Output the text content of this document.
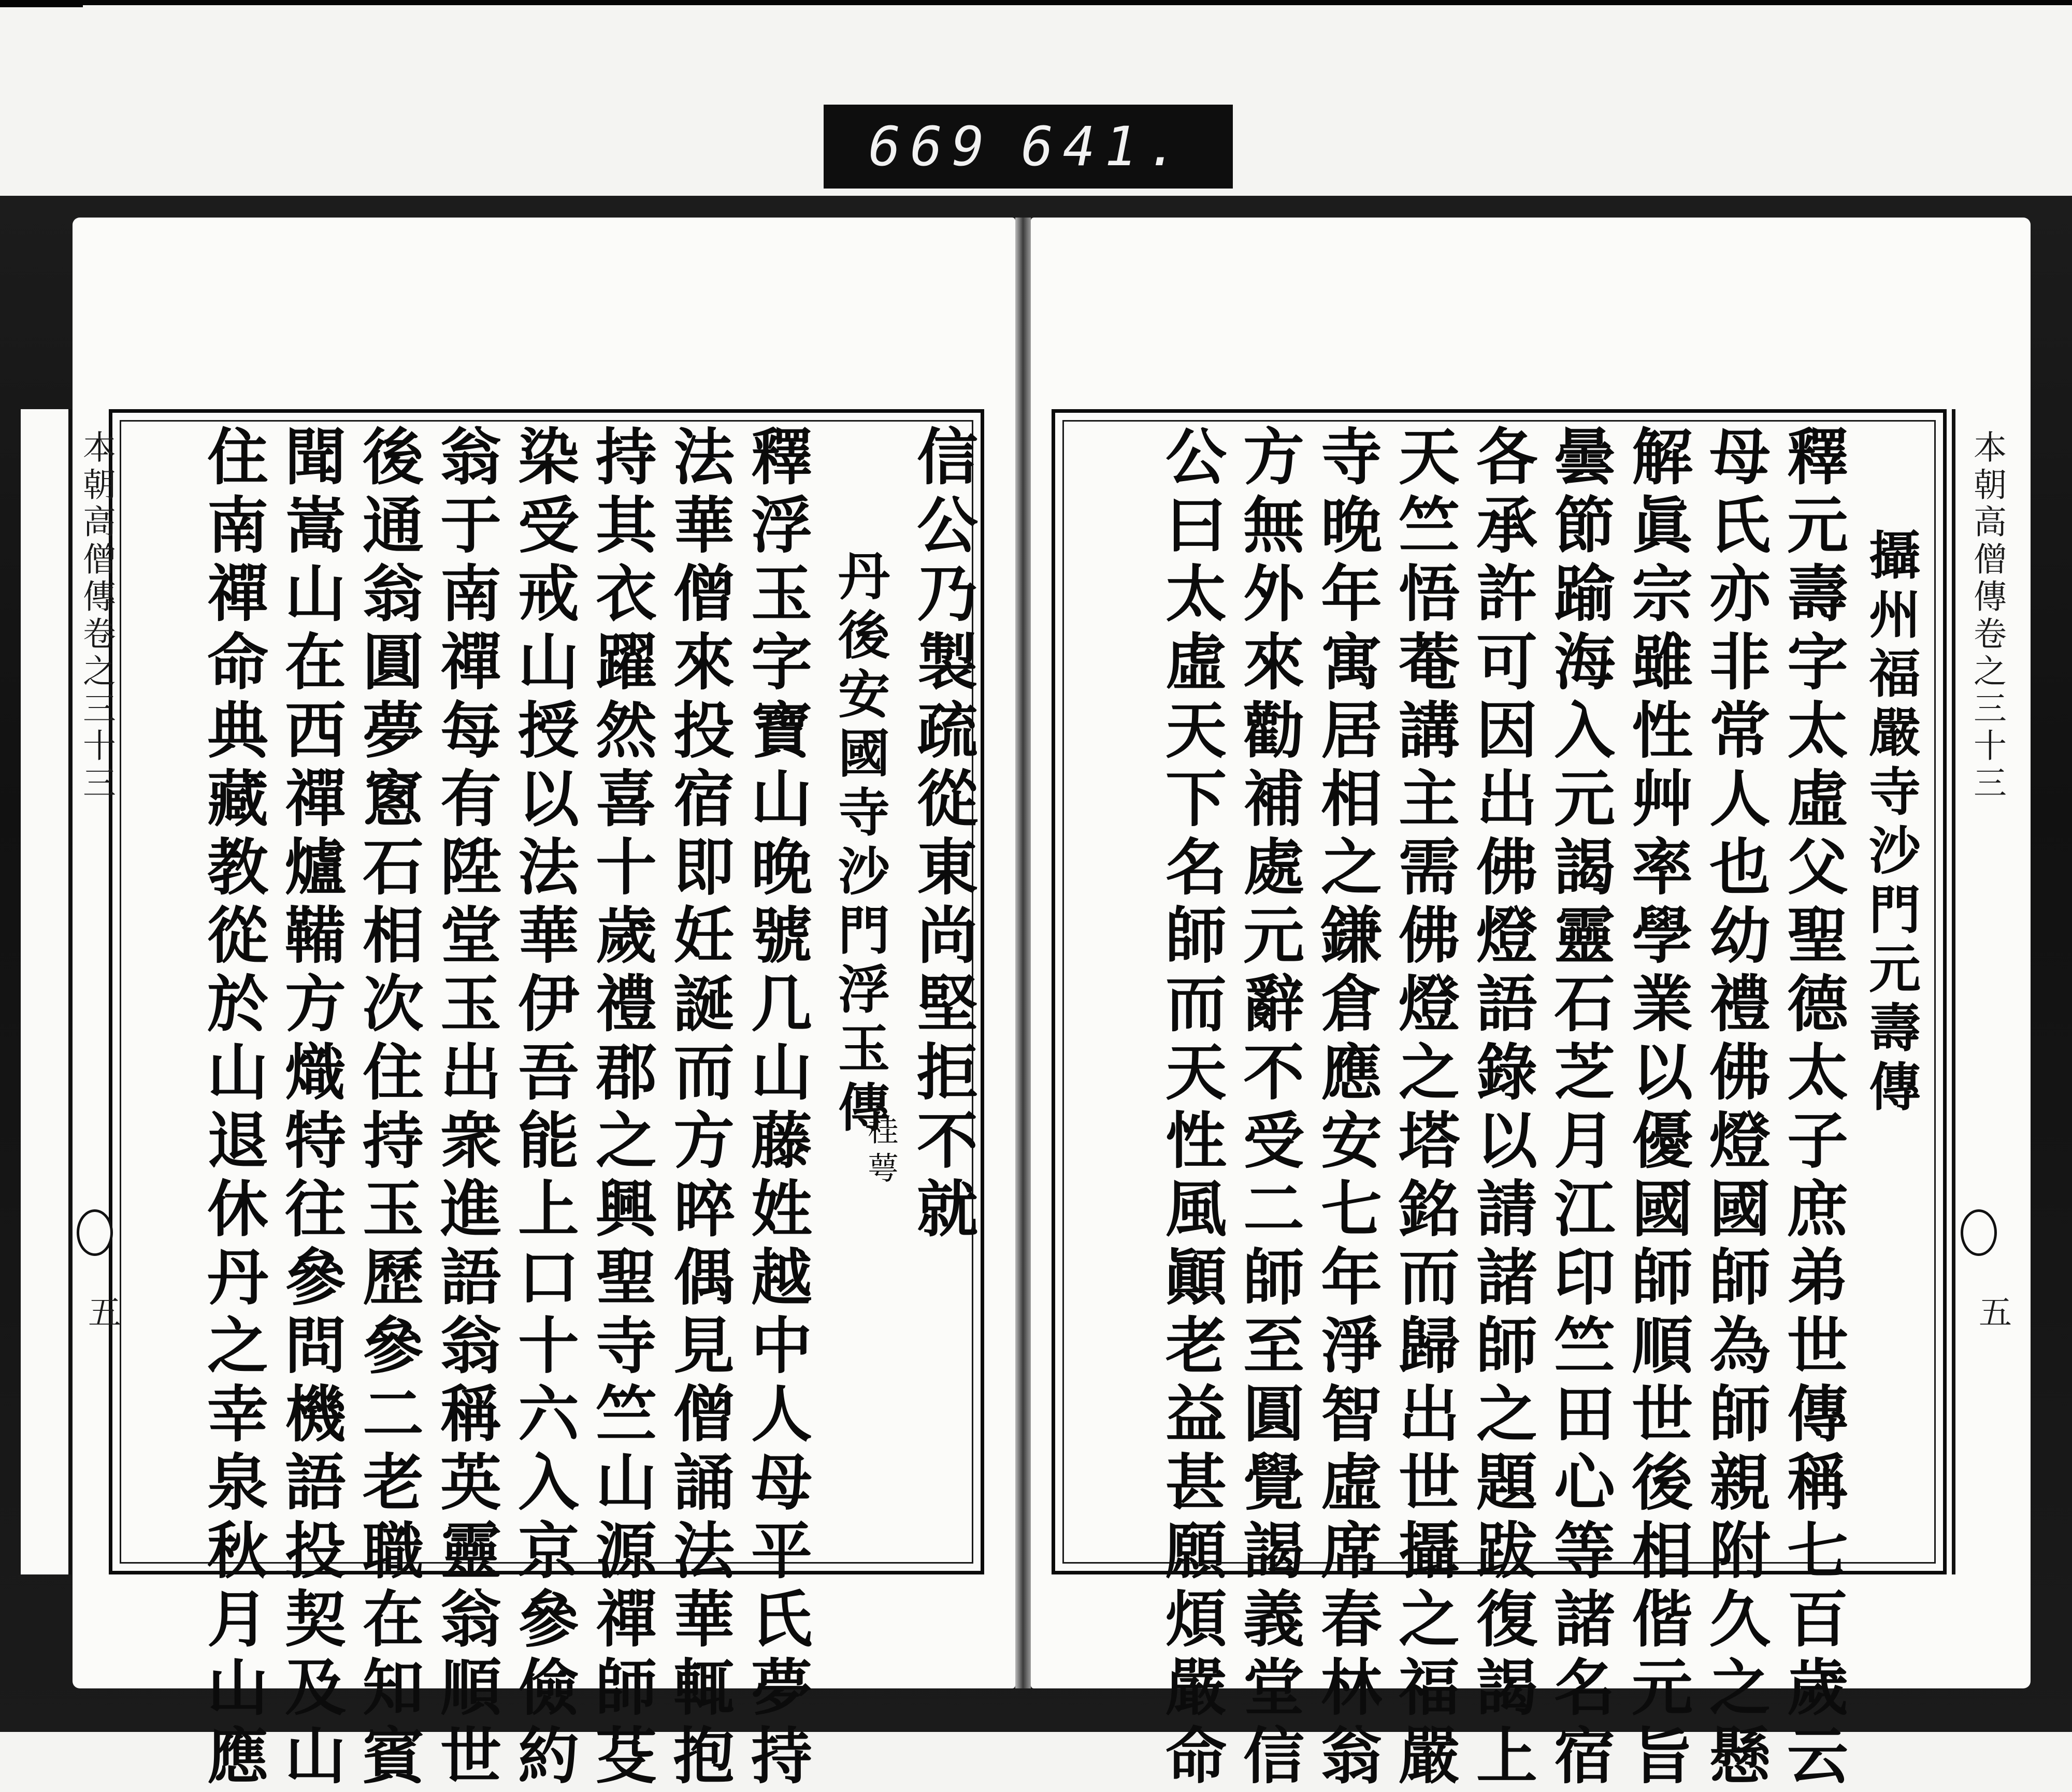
669 641.
本朝高僧傳卷之三十三
五
攝州福嚴寺沙門元壽傳
釋元壽字太虛父聖德太子庶弟世傳稱七百歲云
母氏亦非常人也幼禮佛燈國師為師親附久之懸
解眞宗雖性艸率學業以優國師順世後相偕元旨
曇節踰海入元謁靈石芝月江印竺田心等諸名宿
各承許可因出佛燈語錄以請諸師之題跋復謁上
天竺悟菴講主需佛燈之塔銘而歸出世攝之福嚴
寺晚年寓居相之鎌倉應安七年淨智虛席春林翁
方無外來勸補處元辭不受二師至圓覺謁義堂信
公曰太虛天下名師而天性風顚老益甚願煩嚴命
本朝高僧傳卷之三十三
五
信公乃製疏從東尚堅拒不就
丹後安國寺沙門浮玉傳
桂萼
釋浮玉字寶山晚號几山藤姓越中人母平氏夢持
法華僧來投宿即妊誕而方晬偶見僧誦法華輒抱
持其衣躍然喜十歲禮郡之興聖寺竺山源禪師芟
染受戒山授以法華伊吾能上口十六入京參儉約
翁于南禪每有陞堂玉出衆進語翁稱英靈翁順世
後通翁圓夢窻石相次住持玉歷參二老職在知賓
聞嵩山在西禪爐鞴方熾特往參問機語投契及山
住南禪命典藏教從於山退休丹之幸泉秋月山應
